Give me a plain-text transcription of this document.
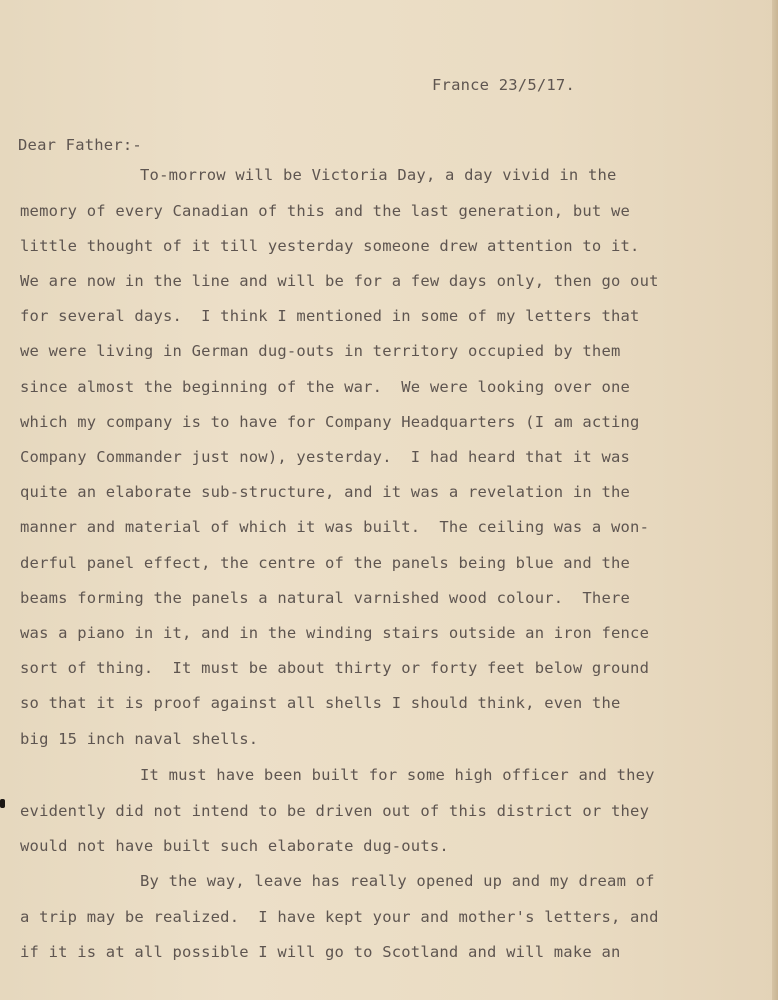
France 23/5/17.

Dear Father:-

To-morrow will be Victoria Day, a day vivid in the

memory of every Canadian of this and the last generation, but we

little thought of it till yesterday someone drew attention to it.

We are now in the line and will be for a few days only, then go out

for several days.  I think I mentioned in some of my letters that

we were living in German dug-outs in territory occupied by them

since almost the beginning of the war.  We were looking over one

which my company is to have for Company Headquarters (I am acting

Company Commander just now), yesterday.  I had heard that it was

quite an elaborate sub-structure, and it was a revelation in the

manner and material of which it was built.  The ceiling was a won-

derful panel effect, the centre of the panels being blue and the

beams forming the panels a natural varnished wood colour.  There

was a piano in it, and in the winding stairs outside an iron fence

sort of thing.  It must be about thirty or forty feet below ground

so that it is proof against all shells I should think, even the

big 15 inch naval shells.

It must have been built for some high officer and they

evidently did not intend to be driven out of this district or they

would not have built such elaborate dug-outs.

By the way, leave has really opened up and my dream of

a trip may be realized.  I have kept your and mother's letters, and

if it is at all possible I will go to Scotland and will make an
